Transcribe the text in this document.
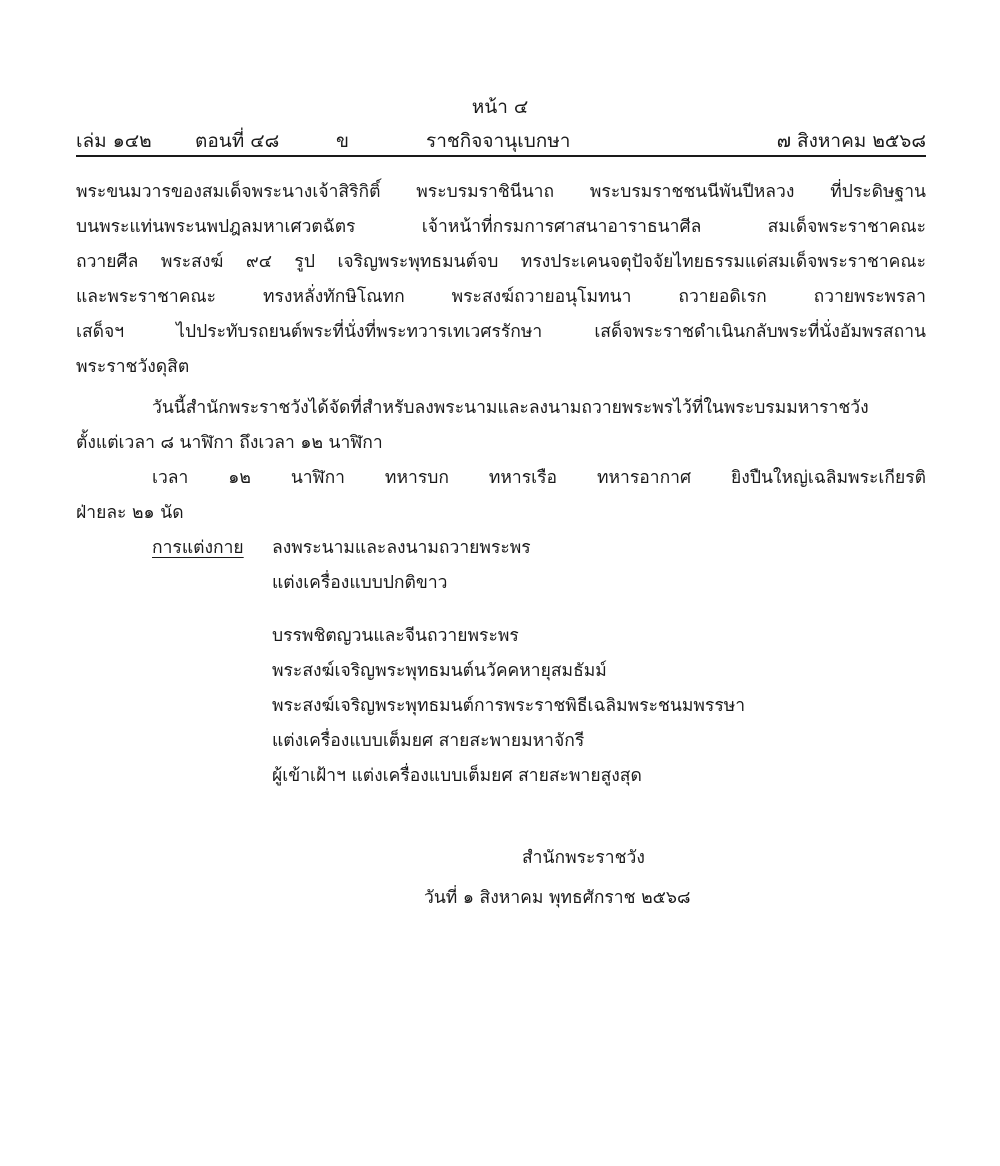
หน้า ๔
เล่ม ๑๔๒ ตอนที่ ๔๘	ข	ราชกิจจานุเบกษา	๗ สิงหาคม ๒๕๖๘
พระขนมวารของสมเด็จพระนางเจ้าสิริกิติ์ พระบรมราชินีนาถ พระบรมราชชนนีพันปีหลวง ที่ประดิษฐาน
บนพระแท่นพระนพปฎลมหาเศวตฉัตร เจ้าหน้าที่กรมการศาสนาอาราธนาศีล สมเด็จพระราชาคณะ
ถวายศีล พระสงฆ์ ๙๔ รูป เจริญพระพุทธมนต์จบ ทรงประเคนจตุปัจจัยไทยธรรมแด่สมเด็จพระราชาคณะ
และพระราชาคณะ ทรงหลั่งทักษิโณทก พระสงฆ์ถวายอนุโมทนา ถวายอดิเรก ถวายพระพรลา
เสด็จฯ ไปประทับรถยนต์พระที่นั่งที่พระทวารเทเวศรรักษา เสด็จพระราชดำเนินกลับพระที่นั่งอัมพรสถาน
พระราชวังดุสิต
วันนี้สำนักพระราชวังได้จัดที่สำหรับลงพระนามและลงนามถวายพระพรไว้ที่ในพระบรมมหาราชวัง
ตั้งแต่เวลา ๘ นาฬิกา ถึงเวลา ๑๒ นาฬิกา
เวลา ๑๒ นาฬิกา ทหารบก ทหารเรือ ทหารอากาศ ยิงปืนใหญ่เฉลิมพระเกียรติ
ฝ่ายละ ๒๑ นัด
การแต่งกาย ลงพระนามและลงนามถวายพระพร
แต่งเครื่องแบบปกติขาว
บรรพชิตญวนและจีนถวายพระพร
พระสงฆ์เจริญพระพุทธมนต์นวัคคหายุสมธัมม์
พระสงฆ์เจริญพระพุทธมนต์การพระราชพิธีเฉลิมพระชนมพรรษา
แต่งเครื่องแบบเต็มยศ สายสะพายมหาจักรี
ผู้เข้าเฝ้าฯ แต่งเครื่องแบบเต็มยศ สายสะพายสูงสุด
สำนักพระราชวัง
วันที่ ๑ สิงหาคม พุทธศักราช ๒๕๖๘
